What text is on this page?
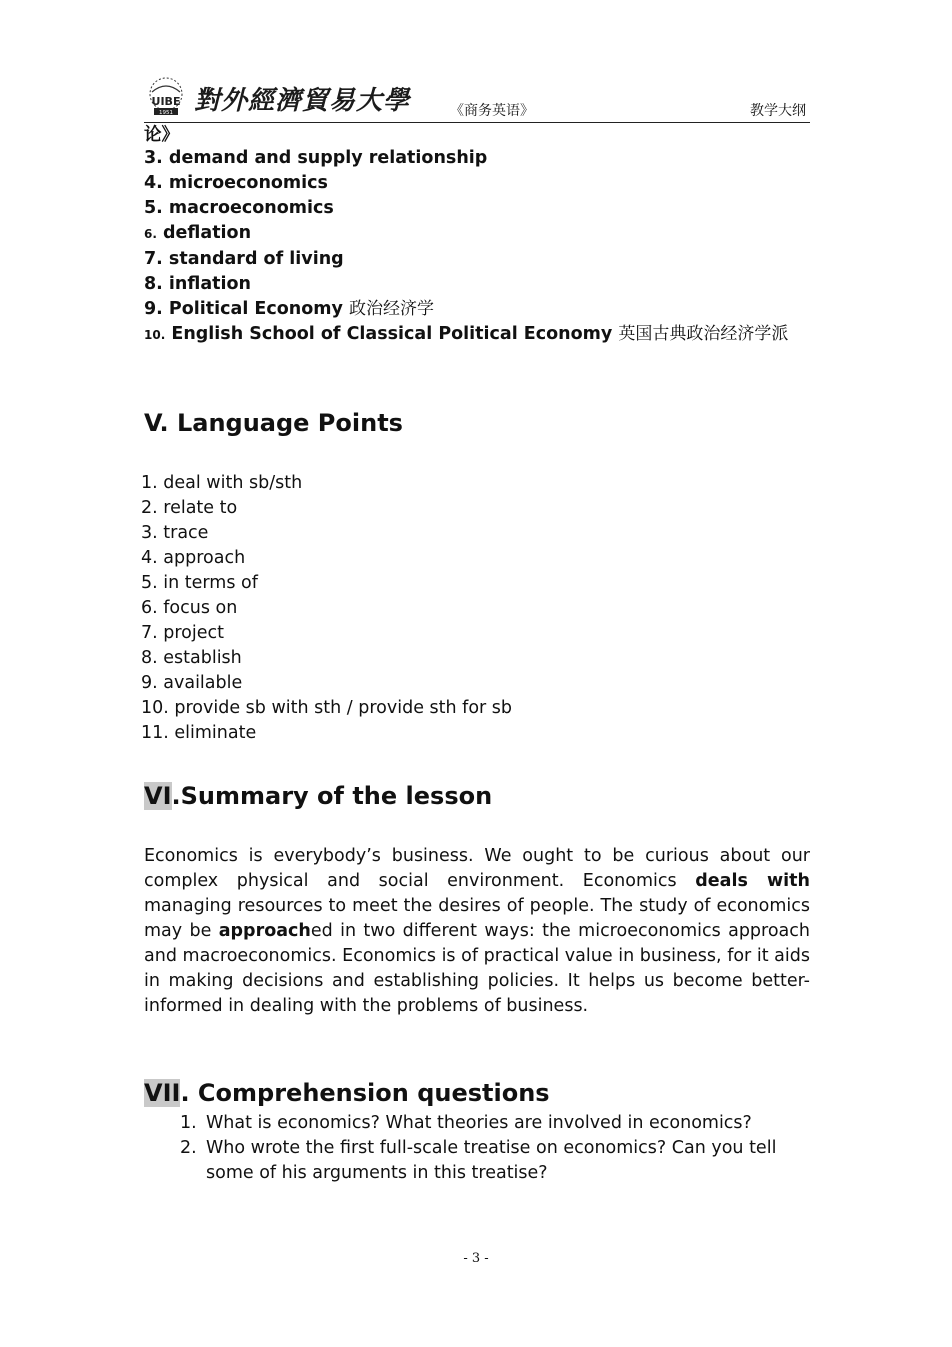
UIBE
1951 對外經濟貿易大學	《商务英语》	教学大纲
论》
3. demand and supply relationship
4. microeconomics
5. macroeconomics
6. deflation
7. standard of living
8. inflation
9. Political Economy 政治经济学
10. English School of Classical Political Economy 英国古典政治经济学派
V. Language Points
1. deal with sb/sth
2. relate to
3. trace
4. approach
5. in terms of
6. focus on
7. project
8. establish
9. available
10. provide sb with sth / provide sth for sb
11. eliminate
VI.Summary of the lesson

Economics is everybody’s business. We ought to be curious about our complex physical and social environment. Economics deals with managing resources to meet the desires of people. The study of economics may be approached in two different ways: the microeconomics approach and macroeconomics. Economics is of practical value in business, for it aids in making decisions and establishing policies. It helps us become better-informed in dealing with the problems of business.

VII. Comprehension questions
1. What is economics? What theories are involved in economics?
2. Who wrote the first full-scale treatise on economics? Can you tell some of his arguments in this treatise?
- 3 -
